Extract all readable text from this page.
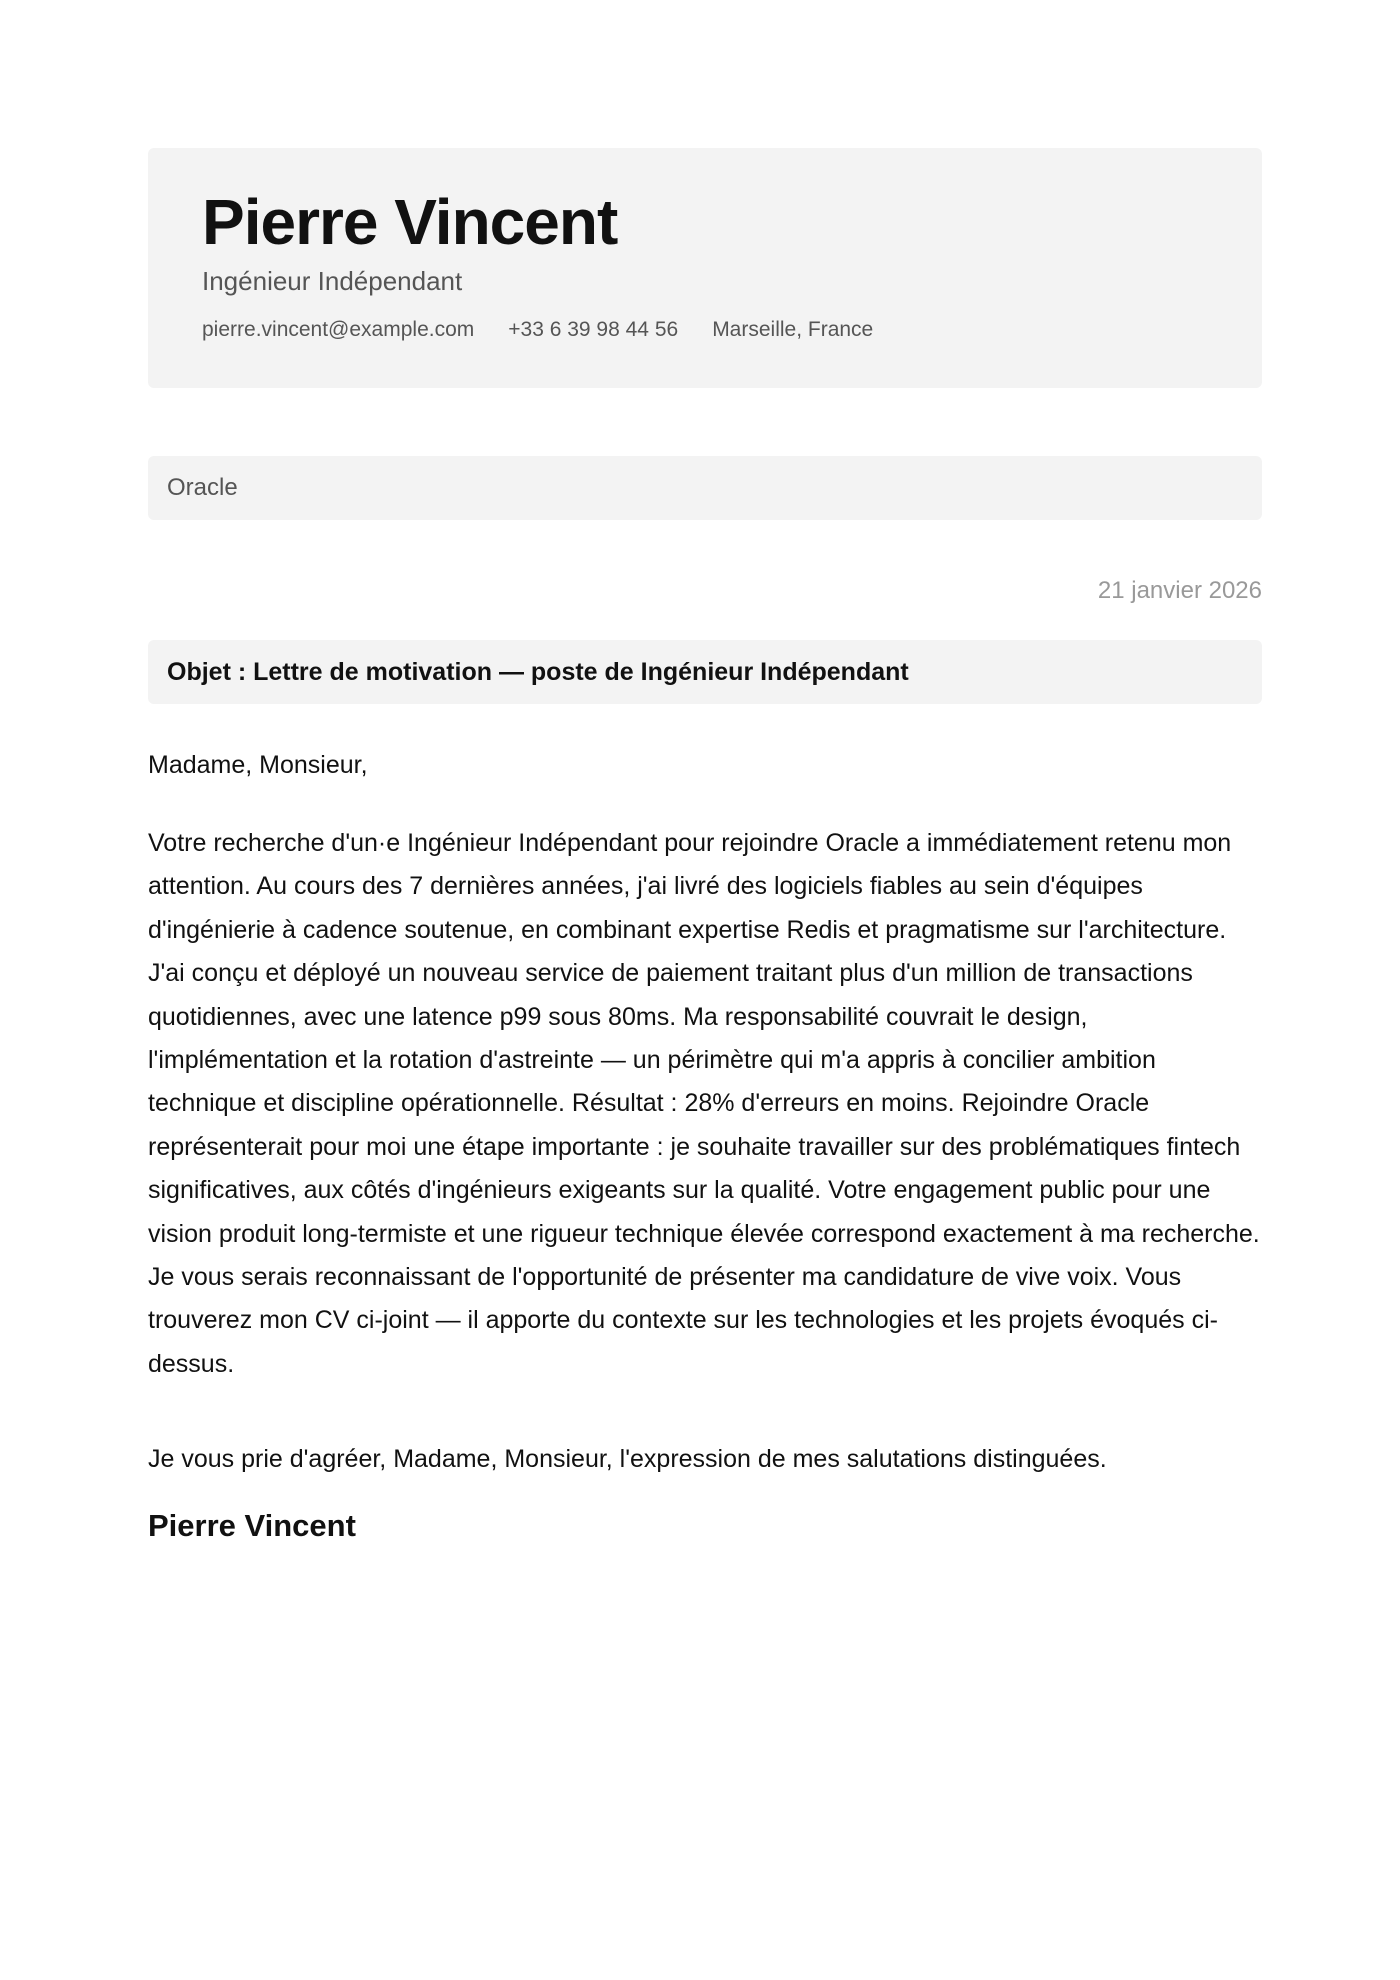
Pierre Vincent
Ingénieur Indépendant
pierre.vincent@example.com +33 6 39 98 44 56 Marseille, France
Oracle
21 janvier 2026
Objet : Lettre de motivation — poste de Ingénieur Indépendant
Madame, Monsieur,
Votre recherche d'un·e Ingénieur Indépendant pour rejoindre Oracle a immédiatement retenu mon attention. Au cours des 7 dernières années, j'ai livré des logiciels fiables au sein d'équipes d'ingénierie à cadence soutenue, en combinant expertise Redis et pragmatisme sur l'architecture. J'ai conçu et déployé un nouveau service de paiement traitant plus d'un million de transactions quotidiennes, avec une latence p99 sous 80ms. Ma responsabilité couvrait le design, l'implémentation et la rotation d'astreinte — un périmètre qui m'a appris à concilier ambition technique et discipline opérationnelle. Résultat : 28% d'erreurs en moins. Rejoindre Oracle représenterait pour moi une étape importante : je souhaite travailler sur des problématiques fintech significatives, aux côtés d'ingénieurs exigeants sur la qualité. Votre engagement public pour une vision produit long-termiste et une rigueur technique élevée correspond exactement à ma recherche. Je vous serais reconnaissant de l'opportunité de présenter ma candidature de vive voix. Vous trouverez mon CV ci-joint — il apporte du contexte sur les technologies et les projets évoqués ci-dessus.
Je vous prie d'agréer, Madame, Monsieur, l'expression de mes salutations distinguées.
Pierre Vincent
